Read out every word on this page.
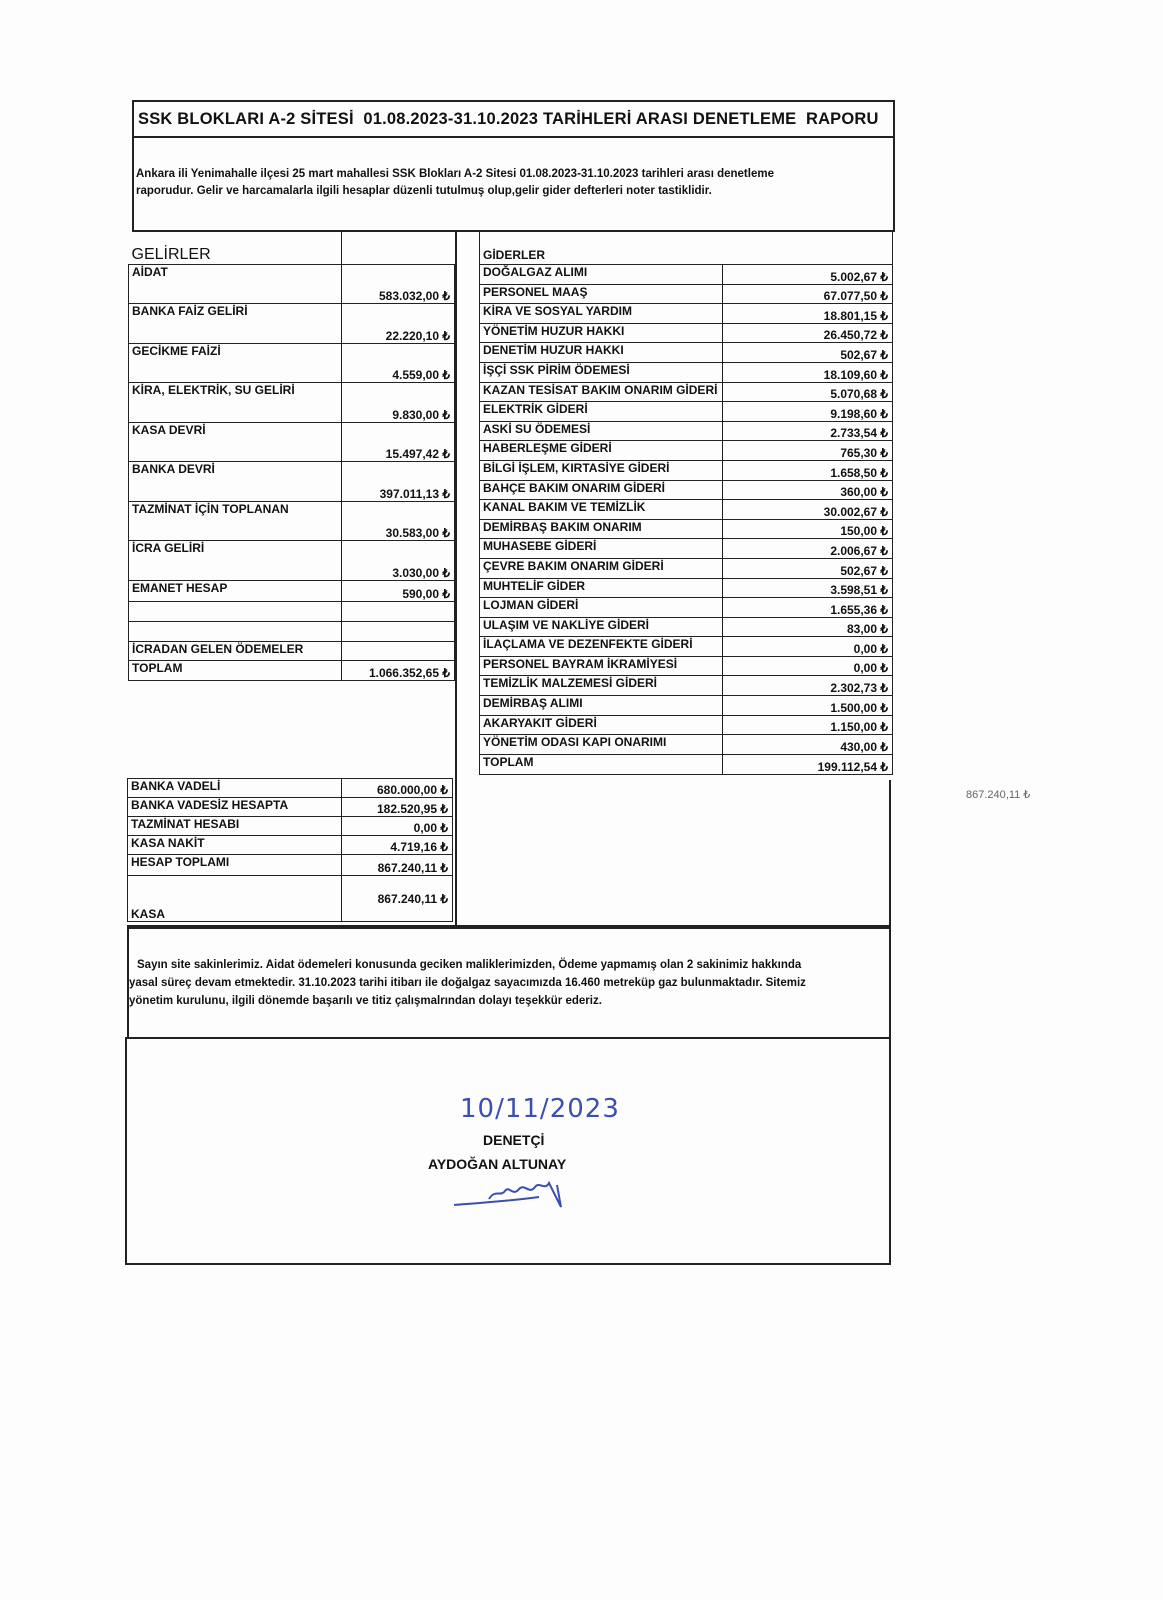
SSK BLOKLARI A-2 SİTESİ  01.08.2023-31.10.2023 TARİHLERİ ARASI DENETLEME  RAPORU
Ankara ili Yenimahalle ilçesi 25 mart mahallesi SSK Blokları A-2 Sitesi 01.08.2023-31.10.2023 tarihleri arası denetleme
raporudur. Gelir ve harcamalarla ilgili hesaplar düzenli tutulmuş olup,gelir gider defterleri noter tastiklidir.
GELİRLER	
AİDAT	583.032,00 ₺
BANKA FAİZ GELİRİ	22.220,10 ₺
GECİKME FAİZİ	4.559,00 ₺
KİRA, ELEKTRİK, SU GELİRİ	9.830,00 ₺
KASA DEVRİ	15.497,42 ₺
BANKA DEVRİ	397.011,13 ₺
TAZMİNAT İÇİN TOPLANAN	30.583,00 ₺
İCRA GELİRİ	3.030,00 ₺
EMANET HESAP	590,00 ₺

İCRADAN GELEN ÖDEMELER	
TOPLAM	1.066.352,65 ₺
GİDERLER	
DOĞALGAZ ALIMI	5.002,67 ₺
PERSONEL MAAŞ	67.077,50 ₺
KİRA VE SOSYAL YARDIM	18.801,15 ₺
YÖNETİM HUZUR HAKKI	26.450,72 ₺
DENETİM HUZUR HAKKI	502,67 ₺
İŞÇİ SSK PİRİM ÖDEMESİ	18.109,60 ₺
KAZAN TESİSAT BAKIM ONARIM GİDERİ	5.070,68 ₺
ELEKTRİK GİDERİ	9.198,60 ₺
ASKİ SU ÖDEMESİ	2.733,54 ₺
HABERLEŞME GİDERİ	765,30 ₺
BİLGİ İŞLEM, KIRTASİYE GİDERİ	1.658,50 ₺
BAHÇE BAKIM ONARIM GİDERİ	360,00 ₺
KANAL BAKIM VE TEMİZLİK	30.002,67 ₺
DEMİRBAŞ BAKIM ONARIM	150,00 ₺
MUHASEBE GİDERİ	2.006,67 ₺
ÇEVRE BAKIM ONARIM GİDERİ	502,67 ₺
MUHTELİF GİDER	3.598,51 ₺
LOJMAN GİDERİ	1.655,36 ₺
ULAŞIM VE NAKLİYE GİDERİ	83,00 ₺
İLAÇLAMA VE DEZENFEKTE GİDERİ	0,00 ₺
PERSONEL BAYRAM İKRAMİYESİ	0,00 ₺
TEMİZLİK MALZEMESİ GİDERİ	2.302,73 ₺
DEMİRBAŞ ALIMI	1.500,00 ₺
AKARYAKIT GİDERİ	1.150,00 ₺
YÖNETİM ODASI KAPI ONARIMI	430,00 ₺
TOPLAM	199.112,54 ₺
BANKA VADELİ	680.000,00 ₺
BANKA VADESİZ HESAPTA	182.520,95 ₺
TAZMİNAT HESABI	0,00 ₺
KASA NAKİT	4.719,16 ₺
HESAP TOPLAMI	867.240,11 ₺
KASA	867.240,11 ₺
867.240,11 ₺
Sayın site sakinlerimiz. Aidat ödemeleri konusunda geciken maliklerimizden, Ödeme yapmamış olan 2 sakinimiz hakkında
yasal süreç devam etmektedir. 31.10.2023 tarihi itibarı ile doğalgaz sayacımızda 16.460 metreküp gaz bulunmaktadır. Sitemiz
yönetim kurulunu, ilgili dönemde başarılı ve titiz çalışmalrından dolayı teşekkür ederiz.
10/11/2023
DENETÇİ
AYDOĞAN ALTUNAY
